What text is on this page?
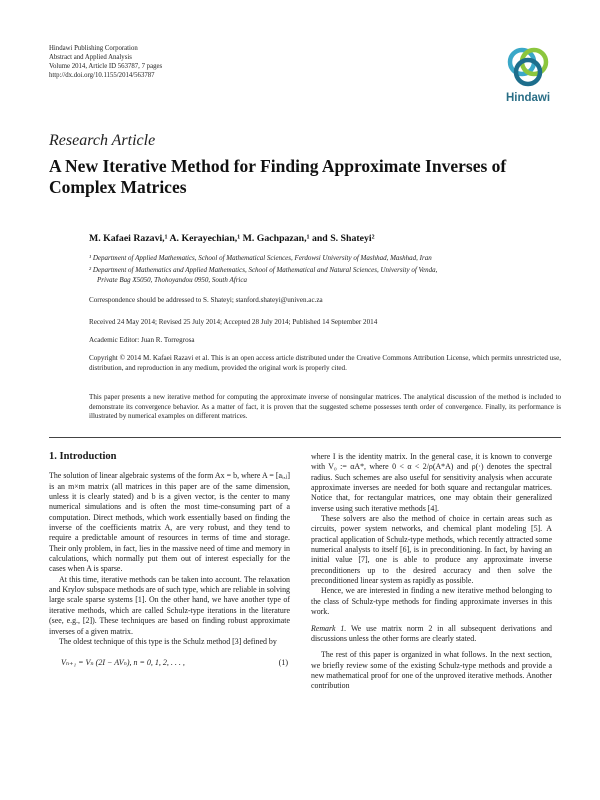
Hindawi Publishing Corporation
Abstract and Applied Analysis
Volume 2014, Article ID 563787, 7 pages
http://dx.doi.org/10.1155/2014/563787
Hindawi
Research Article
A New Iterative Method for Finding Approximate Inverses of Complex Matrices
M. Kafaei Razavi,¹ A. Kerayechian,¹ M. Gachpazan,¹ and S. Shateyi²
¹ Department of Applied Mathematics, School of Mathematical Sciences, Ferdowsi University of Mashhad, Mashhad, Iran
² Department of Mathematics and Applied Mathematics, School of Mathematical and Natural Sciences, University of Venda,
Private Bag X5050, Thohoyandou 0950, South Africa
Correspondence should be addressed to S. Shateyi; stanford.shateyi@univen.ac.za
Received 24 May 2014; Revised 25 July 2014; Accepted 28 July 2014; Published 14 September 2014
Academic Editor: Juan R. Torregrosa
Copyright © 2014 M. Kafaei Razavi et al. This is an open access article distributed under the Creative Commons Attribution License, which permits unrestricted use, distribution, and reproduction in any medium, provided the original work is properly cited.
This paper presents a new iterative method for computing the approximate inverse of nonsingular matrices. The analytical discussion of the method is included to demonstrate its convergence behavior. As a matter of fact, it is proven that the suggested scheme possesses tenth order of convergence. Finally, its performance is illustrated by numerical examples on different matrices.
1. Introduction

The solution of linear algebraic systems of the form Ax = b, where A = [aᵢ,ⱼ] is an m×m matrix (all matrices in this paper are of the same dimension, unless it is clearly stated) and b is a given vector, is the center to many numerical simulations and is often the most time-consuming part of a computation. Direct methods, which work essentially based on finding the inverse of the coefficients matrix A, are very robust, and they tend to require a predictable amount of resources in terms of time and storage. Their only problem, in fact, lies in the massive need of time and memory in calculations, which normally put them out of interest especially for the cases when A is sparse.

At this time, iterative methods can be taken into account. The relaxation and Krylov subspace methods are of such type, which are reliable in solving large scale sparse systems [1]. On the other hand, we have another type of iterative methods, which are called Schulz-type iterations in the literature (see, e.g., [2]). These techniques are based on finding robust approximate inverses of a given matrix.

The oldest technique of this type is the Schulz method [3] defined by

Vₙ₊₁ = Vₙ (2I − AVₙ), n = 0, 1, 2, . . . ,	(1)

where I is the identity matrix. In the general case, it is known to converge with V₀ := αA*, where 0 < α < 2/ρ(A*A) and ρ(·) denotes the spectral radius. Such schemes are also useful for sensitivity analysis when accurate approximate inverses are needed for both square and rectangular matrices. Notice that, for rectangular matrices, one may obtain their generalized inverse using such iterative methods [4].

These solvers are also the method of choice in certain areas such as circuits, power system networks, and chemical plant modeling [5]. A practical application of Schulz-type methods, which recently attracted some numerical analysts to itself [6], is in preconditioning. In fact, by having an initial value [7], one is able to produce any approximate inverse preconditioners up to the desired accuracy and then solve the preconditioned linear system as rapidly as possible.

Hence, we are interested in finding a new iterative method belonging to the class of Schulz-type methods for finding approximate inverses in this work.

Remark 1. We use matrix norm 2 in all subsequent derivations and discussions unless the other forms are clearly stated.

The rest of this paper is organized in what follows. In the next section, we briefly review some of the existing Schulz-type methods and provide a new mathematical proof for one of the unproved iterative methods. Another contribution
